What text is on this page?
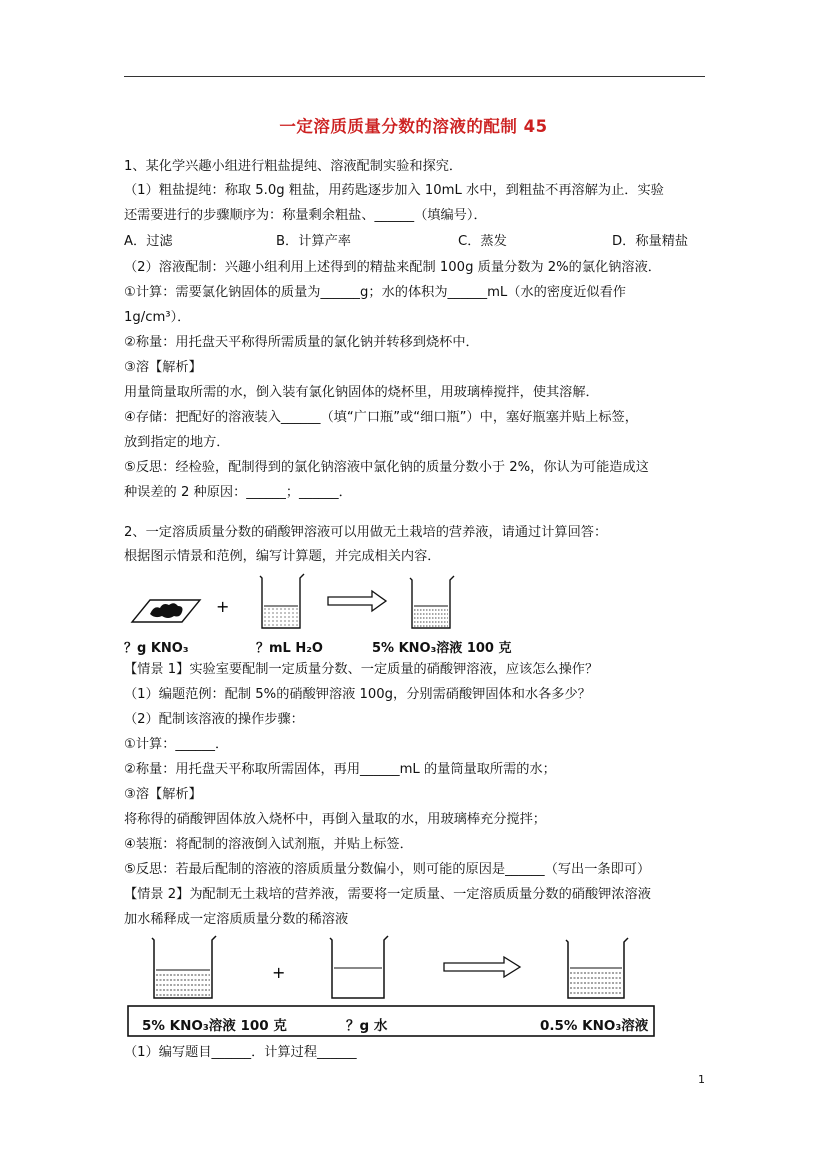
一定溶质质量分数的溶液的配制 45
1、某化学兴趣小组进行粗盐提纯、溶液配制实验和探究．
（1）粗盐提纯：称取 5.0g 粗盐，用药匙逐步加入 10mL 水中，到粗盐不再溶解为止．实验
还需要进行的步骤顺序为：称量剩余粗盐、______（填编号）．
A．过滤	B．计算产率	C．蒸发	D．称量精盐
（2）溶液配制：兴趣小组利用上述得到的精盐来配制 100g 质量分数为 2%的氯化钠溶液．
①计算：需要氯化钠固体的质量为______g；水的体积为______mL（水的密度近似看作
1g/cm³）．
②称量：用托盘天平称得所需质量的氯化钠并转移到烧杯中．
③溶【解析】
用量筒量取所需的水，倒入装有氯化钠固体的烧杯里，用玻璃棒搅拌，使其溶解．
④存储：把配好的溶液装入______（填“广口瓶”或“细口瓶”）中，塞好瓶塞并贴上标签，
放到指定的地方．
⑤反思：经检验，配制得到的氯化钠溶液中氯化钠的质量分数小于 2%，你认为可能造成这
种误差的 2 种原因：______；______．
2、一定溶质质量分数的硝酸钾溶液可以用做无土栽培的营养液，请通过计算回答：
根据图示情景和范例，编写计算题，并完成相关内容．
+
？g KNO₃	？mL H₂O	5% KNO₃溶液 100 克
【情景 1】实验室要配制一定质量分数、一定质量的硝酸钾溶液，应该怎么操作？
（1）编题范例：配制 5%的硝酸钾溶液 100g，分别需硝酸钾固体和水各多少？
（2）配制该溶液的操作步骤：
①计算：______．
②称量：用托盘天平称取所需固体，再用______mL 的量筒量取所需的水；
③溶【解析】
将称得的硝酸钾固体放入烧杯中，再倒入量取的水，用玻璃棒充分搅拌；
④装瓶：将配制的溶液倒入试剂瓶，并贴上标签．
⑤反思：若最后配制的溶液的溶质质量分数偏小，则可能的原因是______（写出一条即可）
【情景 2】为配制无土栽培的营养液，需要将一定质量、一定溶质质量分数的硝酸钾浓溶液
加水稀释成一定溶质质量分数的稀溶液
+
5% KNO₃溶液 100 克	？g 水	0.5% KNO₃溶液
（1）编写题目______．计算过程______
1
